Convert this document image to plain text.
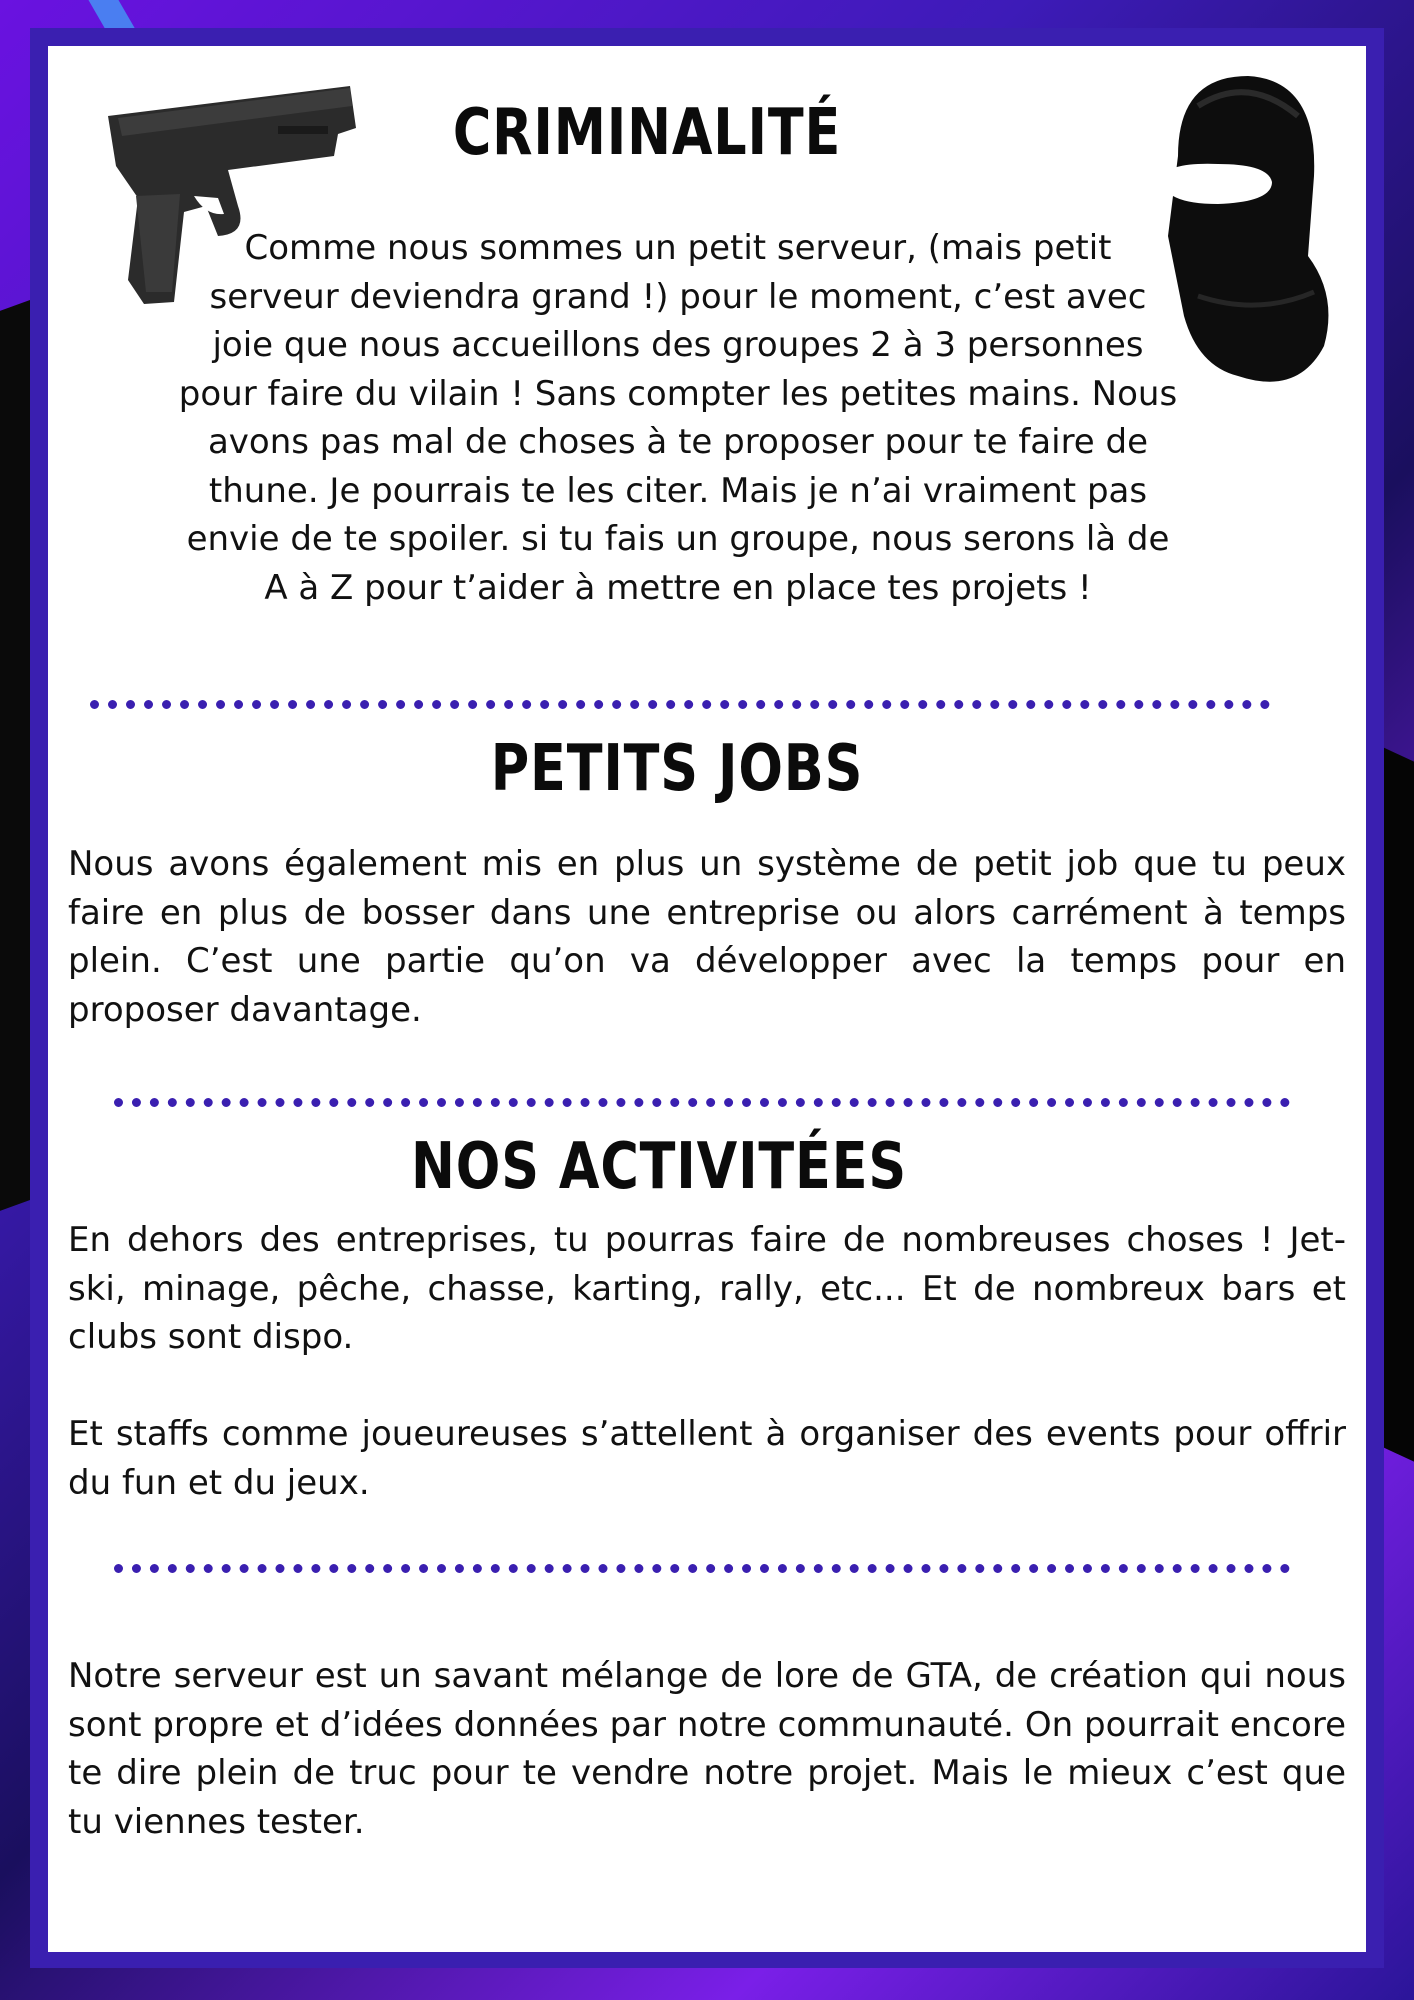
CRIMINALITÉ

Comme nous sommes un petit serveur, (mais petit serveur deviendra grand !) pour le moment, c’est avec joie que nous accueillons des groupes 2 à 3 personnes pour faire du vilain ! Sans compter les petites mains. Nous avons pas mal de choses à te proposer pour te faire de thune. Je pourrais te les citer. Mais je n’ai vraiment pas envie de te spoiler. si tu fais un groupe, nous serons là de A à Z pour t’aider à mettre en place tes projets !

PETITS JOBS

Nous avons également mis en plus un système de petit job que tu peux faire en plus de bosser dans une entreprise ou alors carrément à temps plein. C’est une partie qu’on va développer avec la temps pour en proposer davantage.

NOS ACTIVITÉES

En dehors des entreprises, tu pourras faire de nombreuses choses ! Jet-ski, minage, pêche, chasse, karting, rally, etc... Et de nombreux bars et clubs sont dispo.

Et staffs comme joueureuses s’attellent à organiser des events pour offrir du fun et du jeux.

Notre serveur est un savant mélange de lore de GTA, de création qui nous sont propre et d’idées données par notre communauté. On pourrait encore te dire plein de truc pour te vendre notre projet. Mais le mieux c’est que tu viennes tester.
